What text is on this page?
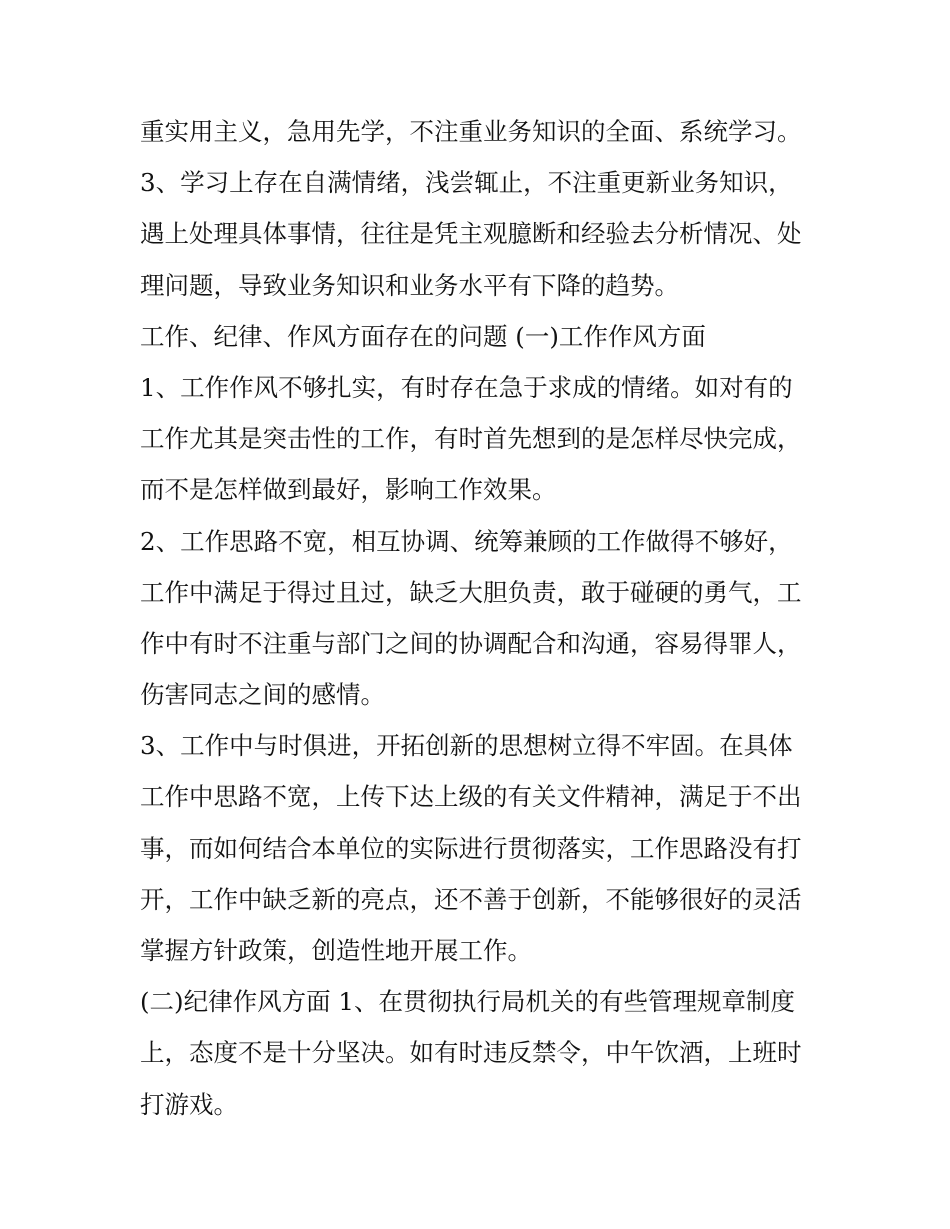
重实用主义，急用先学，不注重业务知识的全面、系统学习。
3、学习上存在自满情绪，浅尝辄止，不注重更新业务知识，
遇上处理具体事情，往往是凭主观臆断和经验去分析情况、处
理问题，导致业务知识和业务水平有下降的趋势。
工作、纪律、作风方面存在的问题 (一)工作作风方面
1、工作作风不够扎实，有时存在急于求成的情绪。如对有的
工作尤其是突击性的工作，有时首先想到的是怎样尽快完成，
而不是怎样做到最好，影响工作效果。
2、工作思路不宽，相互协调、统筹兼顾的工作做得不够好，
工作中满足于得过且过，缺乏大胆负责，敢于碰硬的勇气，工
作中有时不注重与部门之间的协调配合和沟通，容易得罪人，
伤害同志之间的感情。
3、工作中与时俱进，开拓创新的思想树立得不牢固。在具体
工作中思路不宽，上传下达上级的有关文件精神，满足于不出
事，而如何结合本单位的实际进行贯彻落实，工作思路没有打
开，工作中缺乏新的亮点，还不善于创新，不能够很好的灵活
掌握方针政策，创造性地开展工作。
(二)纪律作风方面 1、在贯彻执行局机关的有些管理规章制度
上，态度不是十分坚决。如有时违反禁令，中午饮酒，上班时
打游戏。
